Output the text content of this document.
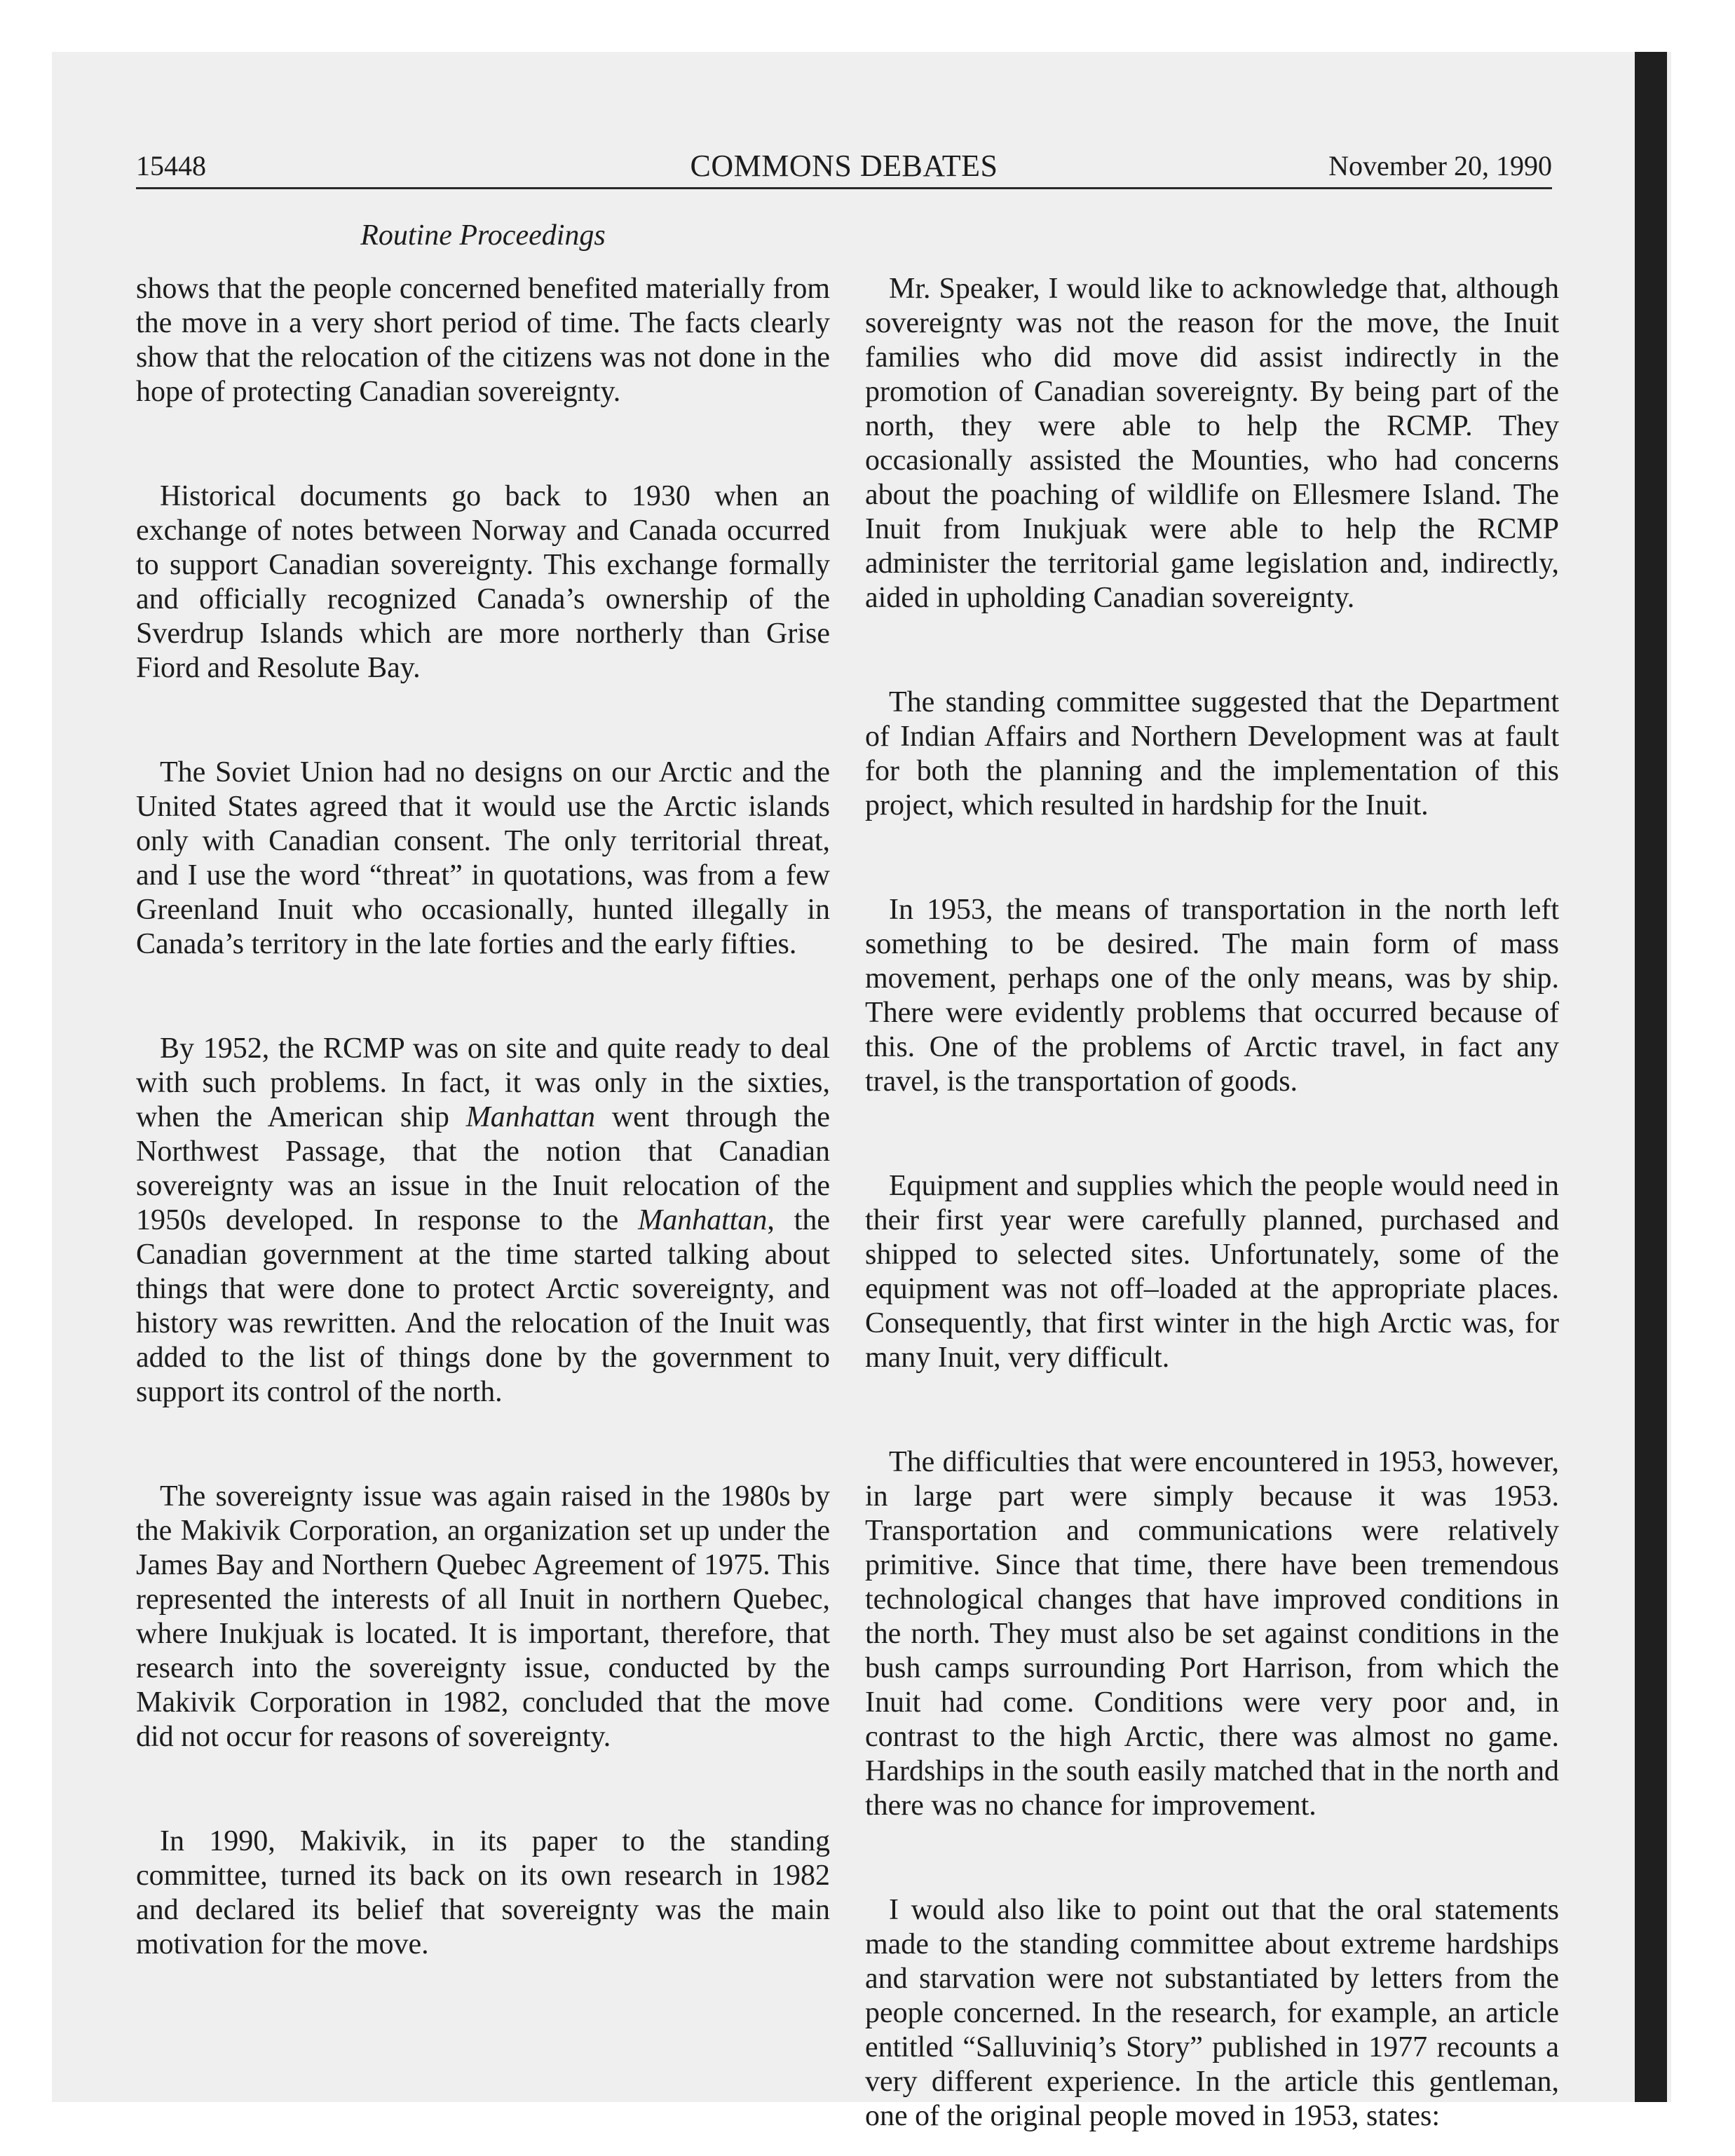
15448	COMMONS DEBATES	November 20, 1990
Routine Proceedings

shows that the people concerned benefited materially from the move in a very short period of time. The facts clearly show that the relocation of the citizens was not done in the hope of protecting Canadian sovereignty.

Historical documents go back to 1930 when an exchange of notes between Norway and Canada occurred to support Canadian sovereignty. This exchange formally and officially recognized Canada’s ownership of the Sverdrup Islands which are more northerly than Grise Fiord and Resolute Bay.

The Soviet Union had no designs on our Arctic and the United States agreed that it would use the Arctic islands only with Canadian consent. The only territorial threat, and I use the word “threat” in quotations, was from a few Greenland Inuit who occasionally, hunted illegally in Canada’s territory in the late forties and the early fifties.

By 1952, the RCMP was on site and quite ready to deal with such problems. In fact, it was only in the sixties, when the American ship Manhattan went through the Northwest Passage, that the notion that Canadian sovereignty was an issue in the Inuit relocation of the 1950s developed. In response to the Manhattan, the Canadian government at the time started talking about things that were done to protect Arctic sovereignty, and history was rewritten. And the relocation of the Inuit was added to the list of things done by the government to support its control of the north.

The sovereignty issue was again raised in the 1980s by the Makivik Corporation, an organization set up under the James Bay and Northern Quebec Agreement of 1975. This represented the interests of all Inuit in northern Quebec, where Inukjuak is located. It is important, therefore, that research into the sovereignty issue, conducted by the Makivik Corporation in 1982, concluded that the move did not occur for reasons of sovereignty.

In 1990, Makivik, in its paper to the standing committee, turned its back on its own research in 1982 and declared its belief that sovereignty was the main motivation for the move.

Mr. Speaker, I would like to acknowledge that, although sovereignty was not the reason for the move, the Inuit families who did move did assist indirectly in the promotion of Canadian sovereignty. By being part of the north, they were able to help the RCMP. They occasionally assisted the Mounties, who had concerns about the poaching of wildlife on Ellesmere Island. The Inuit from Inukjuak were able to help the RCMP administer the territorial game legislation and, indirectly, aided in upholding Canadian sovereignty.

The standing committee suggested that the Department of Indian Affairs and Northern Development was at fault for both the planning and the implementation of this project, which resulted in hardship for the Inuit.

In 1953, the means of transportation in the north left something to be desired. The main form of mass movement, perhaps one of the only means, was by ship. There were evidently problems that occurred because of this. One of the problems of Arctic travel, in fact any travel, is the transportation of goods.

Equipment and supplies which the people would need in their first year were carefully planned, purchased and shipped to selected sites. Unfortunately, some of the equipment was not off–loaded at the appropriate places. Consequently, that first winter in the high Arctic was, for many Inuit, very difficult.

The difficulties that were encountered in 1953, however, in large part were simply because it was 1953. Transportation and communications were relatively primitive. Since that time, there have been tremendous technological changes that have improved conditions in the north. They must also be set against conditions in the bush camps surrounding Port Harrison, from which the Inuit had come. Conditions were very poor and, in contrast to the high Arctic, there was almost no game. Hardships in the south easily matched that in the north and there was no chance for improvement.

I would also like to point out that the oral statements made to the standing committee about extreme hardships and starvation were not substantiated by letters from the people concerned. In the research, for example, an article entitled “Salluviniq’s Story” published in 1977 recounts a very different experience. In the article this gentleman, one of the original people moved in 1953, states:
